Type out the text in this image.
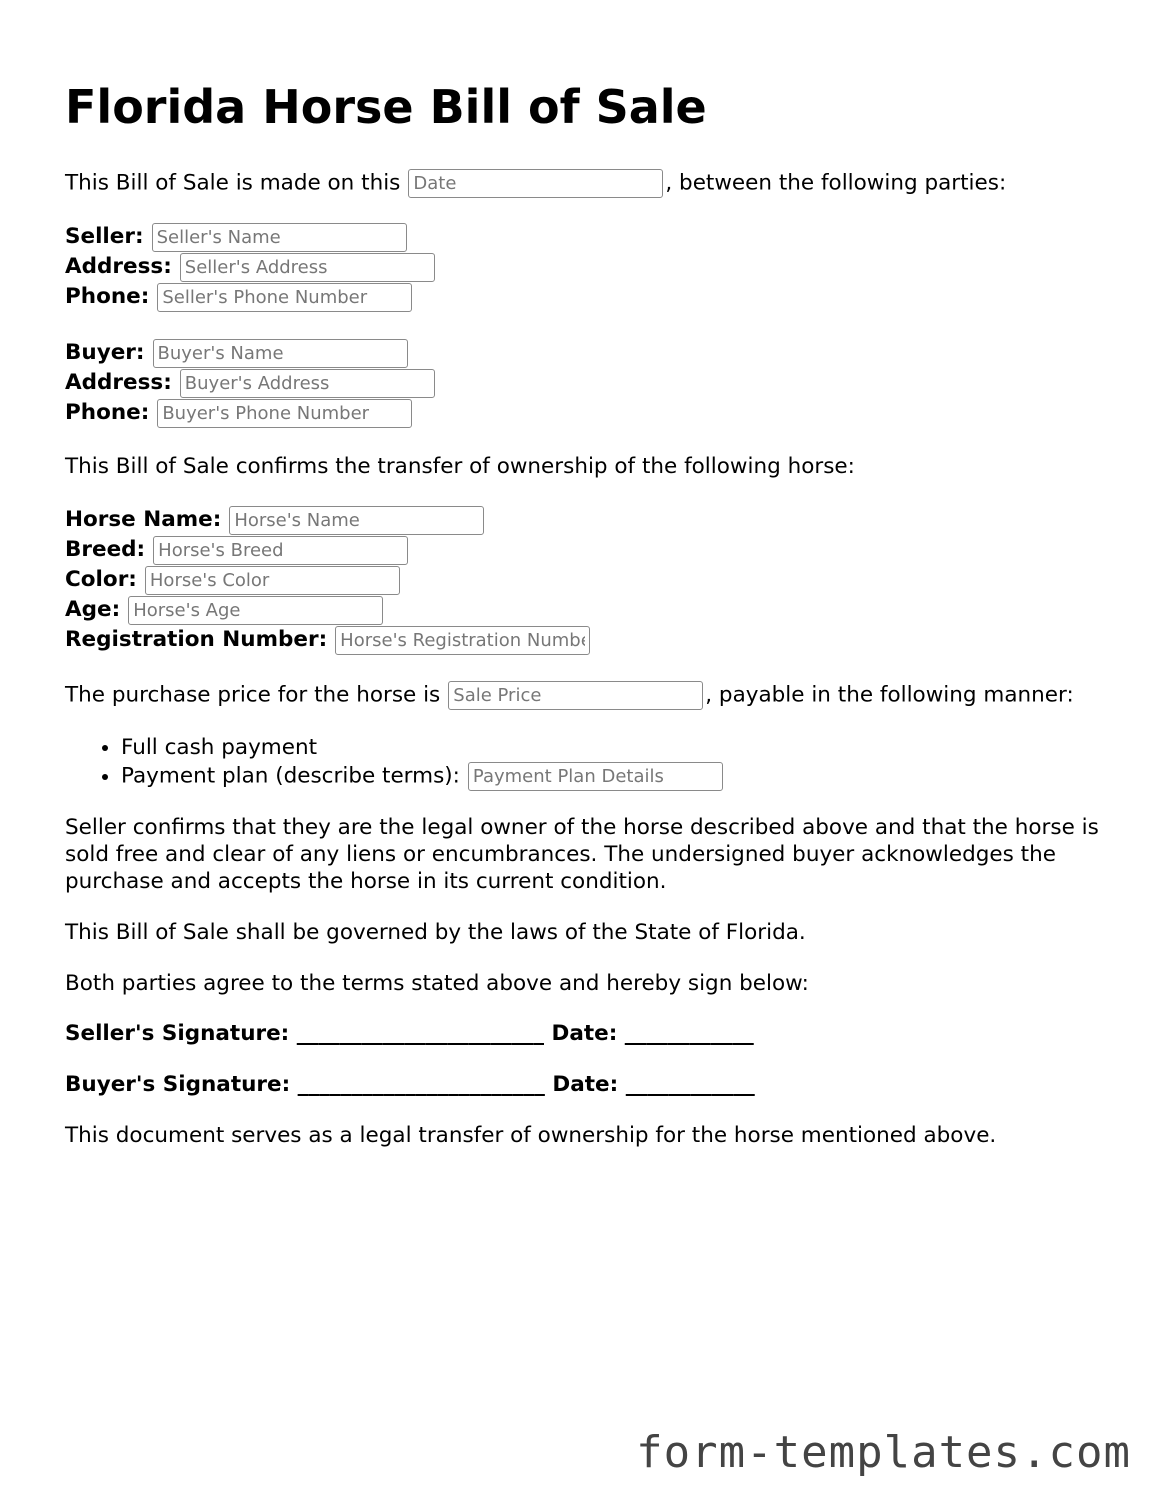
Florida Horse Bill of Sale

This Bill of Sale is made on thisDate	, between the following parties:

Seller:
Seller's Name
Address:
Seller's Address
Phone:
Seller's Phone Number
Buyer:
Buyer's Name
Address:
Buyer's Address
Phone:
Buyer's Phone Number

This Bill of Sale confirms the transfer of ownership of the following horse:

Horse Name:
Horse's Name
Breed:
Horse's Breed
Color:
Horse's Color
Age:
Horse's Age
Registration Number:
Horse's Registration Number

The purchase price for the horse isSale Price	, payable in the following manner:

• Full cash payment
• Payment plan (describe terms):Payment Plan Details

Seller confirms that they are the legal owner of the horse described above and that the horse is sold free and clear of any liens or encumbrances. The undersigned buyer acknowledges the purchase and accepts the horse in its current condition.

This Bill of Sale shall be governed by the laws of the State of Florida.

Both parties agree to the terms stated above and hereby sign below:

Seller's Signature: _______________________ Date: ____________

Buyer's Signature: _______________________ Date: ____________

This document serves as a legal transfer of ownership for the horse mentioned above.

form-templates.com
